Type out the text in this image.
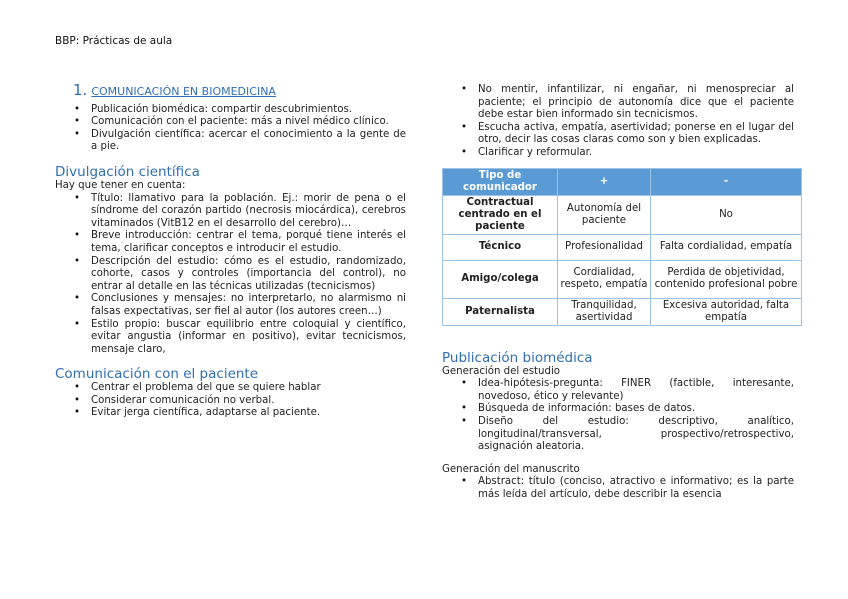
BBP: Prácticas de aula
1. COMUNICACIÓN EN BIOMEDICINA
• Publicación biomédica: compartir descubrimientos.
• Comunicación con el paciente: más a nivel médico clínico.
• Divulgación científica: acercar el conocimiento a la gente de a pie.

Divulgación científica

Hay que tener en cuenta:

• Título: llamativo para la población. Ej.: morir de pena o el síndrome del corazón partido (necrosis miocárdica), cerebros vitaminados (VitB12 en el desarrollo del cerebro)…
• Breve introducción: centrar el tema, porqué tiene interés el tema, clarificar conceptos e introducir el estudio.
• Descripción del estudio: cómo es el estudio, randomizado, cohorte, casos y controles (importancia del control), no entrar al detalle en las técnicas utilizadas (tecnicismos)
• Conclusiones y mensajes: no interpretarlo, no alarmismo ni falsas expectativas, ser fiel al autor (los autores creen…)
• Estilo propio: buscar equilibrio entre coloquial y científico, evitar angustia (informar en positivo), evitar tecnicismos, mensaje claro,

Comunicación con el paciente

• Centrar el problema del que se quiere hablar
• Considerar comunicación no verbal.
• Evitar jerga científica, adaptarse al paciente.
• No mentir, infantilizar, ni engañar, ni menospreciar al paciente; el principio de autonomía dice que el paciente debe estar bien informado sin tecnicismos.
• Escucha activa, empatía, asertividad; ponerse en el lugar del otro, decir las cosas claras como son y bien explicadas.
• Clarificar y reformular.
Tipo de comunicador	+	-
Contractual centrado en el paciente	Autonomía del paciente	No
Técnico	Profesionalidad	Falta cordialidad, empatía
Amigo/colega	Cordialidad, respeto, empatía	Perdida de objetividad, contenido profesional pobre
Paternalista	Tranquilidad, asertividad	Excesiva autoridad, falta empatía

Publicación biomédica

Generación del estudio

• Idea-hipótesis-pregunta: FINER (factible, interesante, novedoso, ético y relevante)
• Búsqueda de información: bases de datos.
• Diseño del estudio: descriptivo, analítico, longitudinal/transversal, prospectivo/retrospectivo, asignación aleatoria.

Generación del manuscrito

• Abstract: título (conciso, atractivo e informativo; es la parte más leída del artículo, debe describir la esencia
